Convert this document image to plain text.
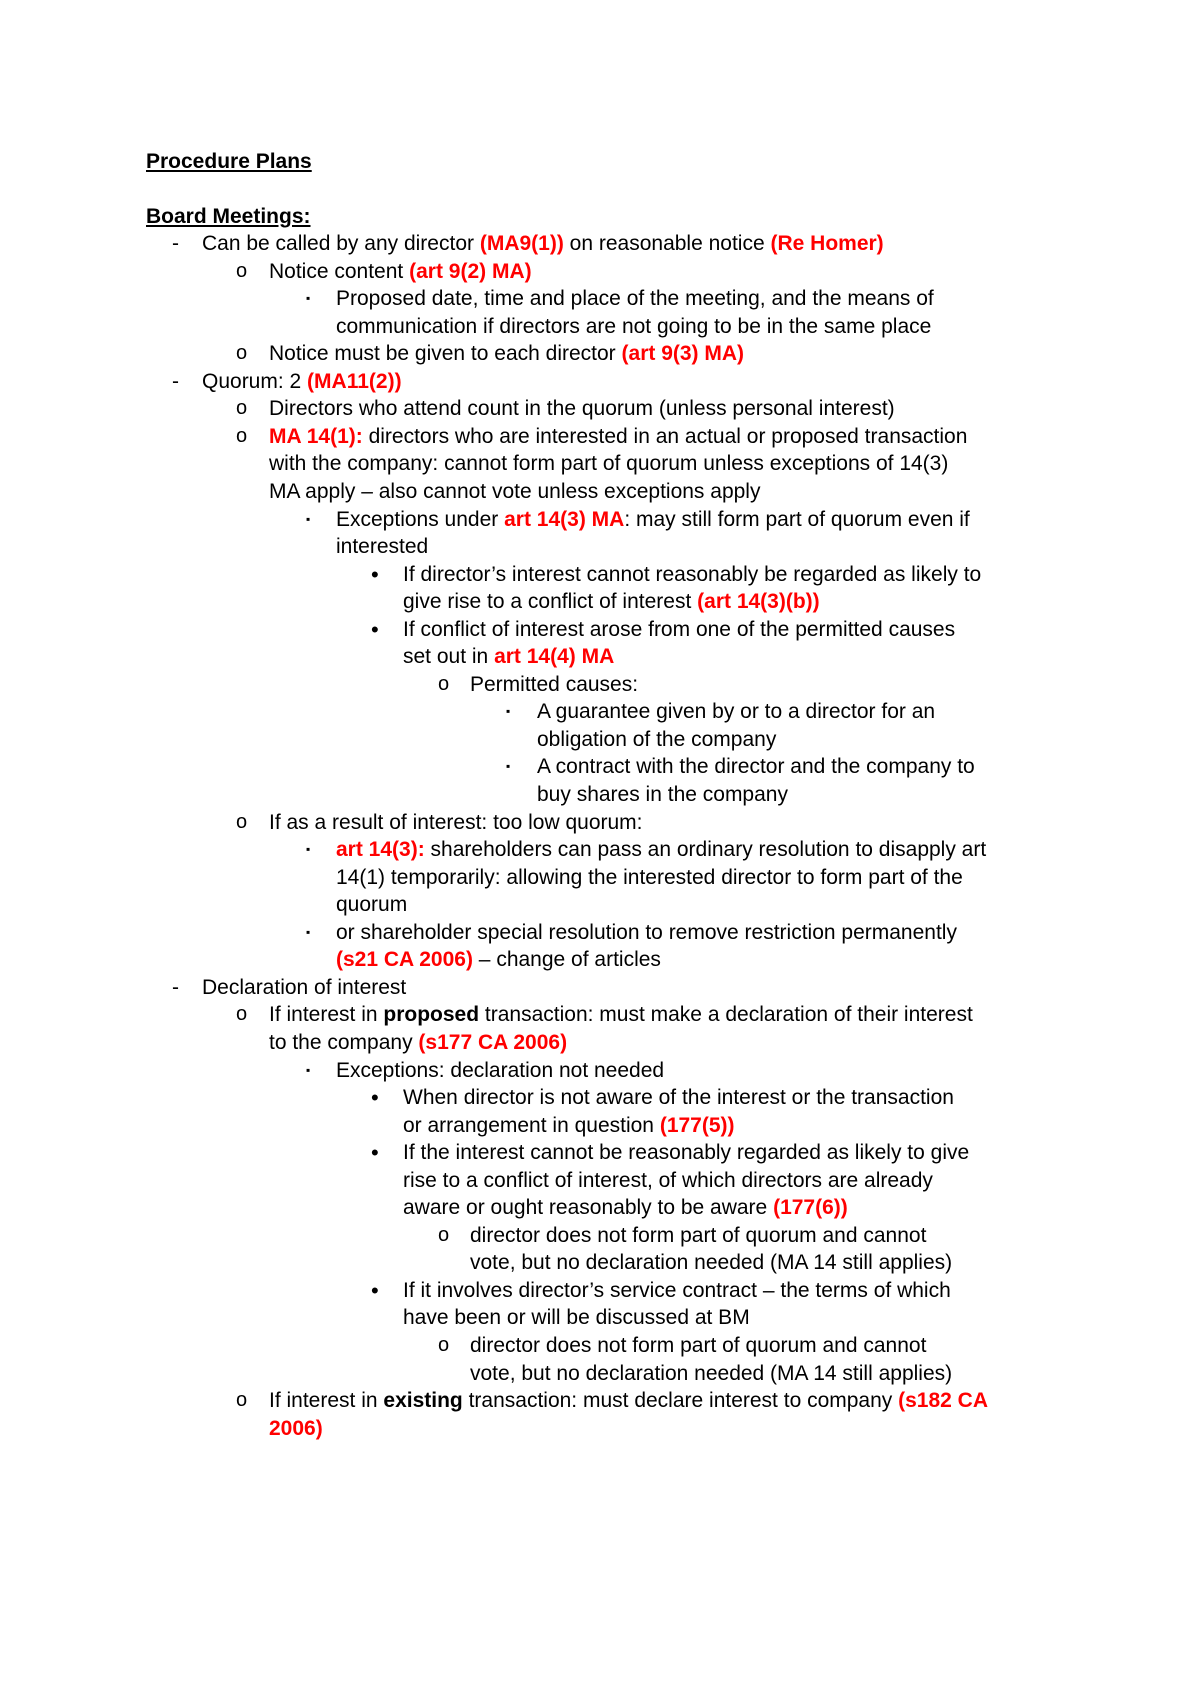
Procedure Plans
Board Meetings:
- Can be called by any director (MA9(1)) on reasonable notice (Re Homer)
o Notice content (art 9(2) MA)
▪ Proposed date, time and place of the meeting, and the means of
communication if directors are not going to be in the same place
o Notice must be given to each director (art 9(3) MA)
- Quorum: 2 (MA11(2))
o Directors who attend count in the quorum (unless personal interest)
o MA 14(1): directors who are interested in an actual or proposed transaction
with the company: cannot form part of quorum unless exceptions of 14(3)
MA apply – also cannot vote unless exceptions apply
▪ Exceptions under art 14(3) MA: may still form part of quorum even if
interested
• If director’s interest cannot reasonably be regarded as likely to
give rise to a conflict of interest (art 14(3)(b))
• If conflict of interest arose from one of the permitted causes
set out in art 14(4) MA
o Permitted causes:
▪ A guarantee given by or to a director for an
obligation of the company
▪ A contract with the director and the company to
buy shares in the company
o If as a result of interest: too low quorum:
▪ art 14(3): shareholders can pass an ordinary resolution to disapply art
14(1) temporarily: allowing the interested director to form part of the
quorum
▪ or shareholder special resolution to remove restriction permanently
(s21 CA 2006) – change of articles
- Declaration of interest
o If interest in proposed transaction: must make a declaration of their interest
to the company (s177 CA 2006)
▪ Exceptions: declaration not needed
• When director is not aware of the interest or the transaction
or arrangement in question (177(5))
• If the interest cannot be reasonably regarded as likely to give
rise to a conflict of interest, of which directors are already
aware or ought reasonably to be aware (177(6))
o director does not form part of quorum and cannot
vote, but no declaration needed (MA 14 still applies)
• If it involves director’s service contract – the terms of which
have been or will be discussed at BM
o director does not form part of quorum and cannot
vote, but no declaration needed (MA 14 still applies)
o If interest in existing transaction: must declare interest to company (s182 CA
2006)
